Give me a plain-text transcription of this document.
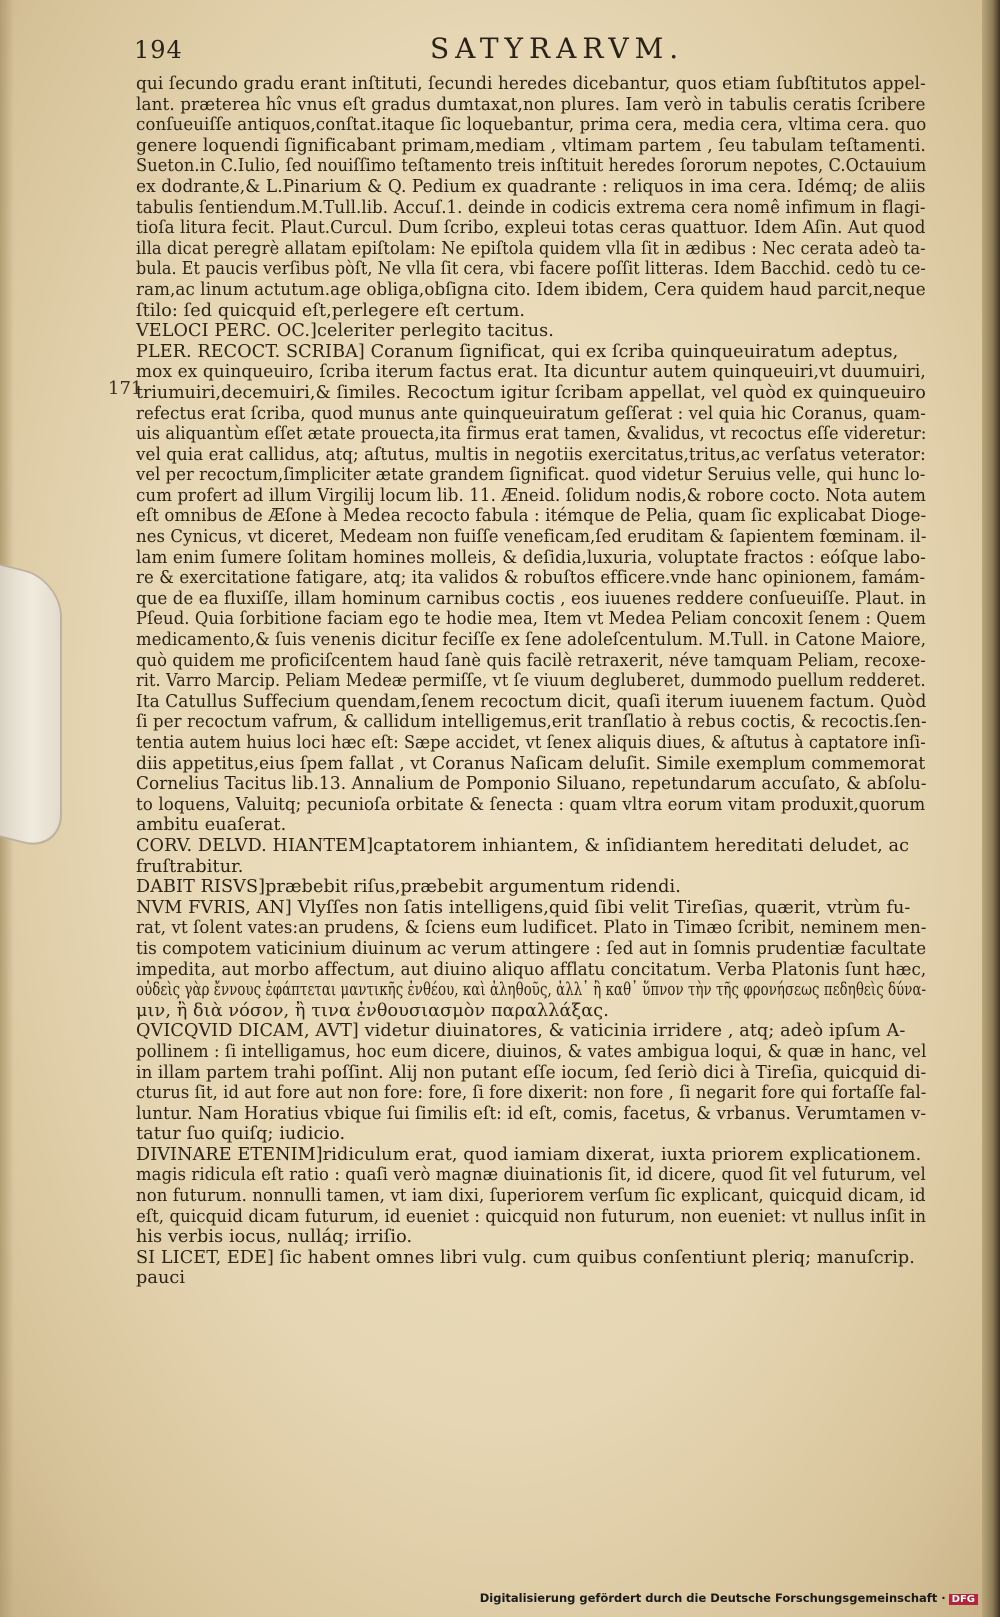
194	SATYRARVM.
171
qui ſecundo gradu erant inſtituti, ſecundi heredes dicebantur, quos etiam ſubſtitutos appel-
lant. præterea hîc vnus eſt gradus dumtaxat,non plures. Iam verò in tabulis ceratis ſcribere
conſueuiſſe antiquos,conſtat.itaque ſic loquebantur, prima cera, media cera, vltima cera. quo
genere loquendi ſignificabant primam,mediam , vltimam partem , ſeu tabulam teſtamenti.
Sueton.in C.Iulio, ſed nouiſſimo teſtamento treis inſtituit heredes ſororum nepotes, C.Octauium
ex dodrante,& L.Pinarium & Q. Pedium ex quadrante : reliquos in ima cera. Idémq; de aliis
tabulis ſentiendum.M.Tull.lib. Accuſ.1. deinde in codicis extrema cera nomê infimum in flagi-
tioſa litura fecit. Plaut.Curcul. Dum ſcribo, expleui totas ceras quattuor. Idem Aſin. Aut quod
illa dicat peregrè allatam epiſtolam: Ne epiſtola quidem vlla ſit in ædibus : Nec cerata adeò ta-
bula. Et paucis verſibus pòſt, Ne vlla ſit cera, vbi facere poſſit litteras. Idem Bacchid. cedò tu ce-
ram,ac linum actutum.age obliga,obſigna cito. Idem ibidem, Cera quidem haud parcit,neque
ſtilo: ſed quicquid eſt,perlegere eſt certum.
VELOCI PERC. OC.]celeriter perlegito tacitus.
PLER. RECOCT. SCRIBA] Coranum ſignificat, qui ex ſcriba quinqueuiratum adeptus,
mox ex quinqueuiro, ſcriba iterum factus erat. Ita dicuntur autem quinqueuiri,vt duumuiri,
triumuiri,decemuiri,& ſimiles. Recoctum igitur ſcribam appellat, vel quòd ex quinqueuiro
refectus erat ſcriba, quod munus ante quinqueuiratum geſſerat : vel quia hic Coranus, quam-
uis aliquantùm eſſet ætate prouecta,ita firmus erat tamen, &validus, vt recoctus eſſe videretur:
vel quia erat callidus, atq; aſtutus, multis in negotiis exercitatus,tritus,ac verſatus veterator:
vel per recoctum,ſimpliciter ætate grandem ſignificat. quod videtur Seruius velle, qui hunc lo-
cum profert ad illum Virgilij locum lib. 11. Æneid. ſolidum nodis,& robore cocto. Nota autem
eſt omnibus de Æſone à Medea recocto fabula : itémque de Pelia, quam ſic explicabat Dioge-
nes Cynicus, vt diceret, Medeam non fuiſſe veneficam,ſed eruditam & ſapientem fœminam. il-
lam enim ſumere ſolitam homines molleis, & deſidia,luxuria, voluptate fractos : eóſque labo-
re & exercitatione fatigare, atq; ita validos & robuſtos efficere.vnde hanc opinionem, famám-
que de ea fluxiſſe, illam hominum carnibus coctis , eos iuuenes reddere conſueuiſſe. Plaut. in
Pſeud. Quia ſorbitione faciam ego te hodie mea, Item vt Medea Peliam concoxit ſenem : Quem
medicamento,& ſuis venenis dicitur feciſſe ex ſene adoleſcentulum. M.Tull. in Catone Maiore,
quò quidem me proficiſcentem haud ſanè quis facilè retraxerit, néve tamquam Peliam, recoxe-
rit. Varro Marcip. Peliam Medeæ permiſſe, vt ſe viuum degluberet, dummodo puellum redderet.
Ita Catullus Suffecium quendam,ſenem recoctum dicit, quaſi iterum iuuenem factum. Quòd
ſi per recoctum vafrum, & callidum intelligemus,erit tranſlatio à rebus coctis, & recoctis.ſen-
tentia autem huius loci hæc eſt: Sæpe accidet, vt ſenex aliquis diues, & aſtutus à captatore inſi-
diis appetitus,eius ſpem fallat , vt Coranus Naſicam deluſit. Simile exemplum commemorat
Cornelius Tacitus lib.13. Annalium de Pomponio Siluano, repetundarum accuſato, & abſolu-
to loquens, Valuitq; pecunioſa orbitate & ſenecta : quam vltra eorum vitam produxit,quorum
ambitu euaſerat.
CORV. DELVD. HIANTEM]captatorem inhiantem, & inſidiantem hereditati deludet, ac
fruſtrabitur.
DABIT RISVS]præbebit riſus,præbebit argumentum ridendi.
NVM FVRIS, AN] Vlyſſes non ſatis intelligens,quid ſibi velit Tireſias, quærit, vtrùm fu-
rat, vt ſolent vates:an prudens, & ſciens eum ludificet. Plato in Timæo ſcribit, neminem men-
tis compotem vaticinium diuinum ac verum attingere : ſed aut in ſomnis prudentiæ facultate
impedita, aut morbo affectum, aut diuino aliquo afflatu concitatum. Verba Platonis ſunt hæc,
οὐδεὶς γὰρ ἔννους ἐφάπτεται μαντικῆς ἐνθέου, καὶ ἀληθοῦς, ἀλλ᾽ ἢ καθ᾽ ὕπνον τὴν τῆς φρονήσεως πεδηθεὶς δύνα-
μιν, ἢ διὰ νόσον, ἢ τινα ἐνθουσιασμὸν παραλλάξας.
QVICQVID DICAM, AVT] videtur diuinatores, & vaticinia irridere , atq; adeò ipſum A-
pollinem : ſi intelligamus, hoc eum dicere, diuinos, & vates ambigua loqui, & quæ in hanc, vel
in illam partem trahi poſſint. Alij non putant eſſe iocum, ſed ſeriò dici à Tireſia, quicquid di-
cturus ſit, id aut fore aut non fore: fore, ſi fore dixerit: non fore , ſi negarit fore qui fortaſſe fal-
luntur. Nam Horatius vbique ſui ſimilis eſt: id eſt, comis, facetus, & vrbanus. Verumtamen v-
tatur ſuo quiſq; iudicio.
DIVINARE ETENIM]ridiculum erat, quod iamiam dixerat, iuxta priorem explicationem.
magis ridicula eſt ratio : quaſi verò magnæ diuinationis ſit, id dicere, quod ſit vel futurum, vel
non futurum. nonnulli tamen, vt iam dixi, ſuperiorem verſum ſic explicant, quicquid dicam, id
eſt, quicquid dicam futurum, id eueniet : quicquid non futurum, non eueniet: vt nullus inſit in
his verbis iocus, nulláq; irriſio.
SI LICET, EDE] ſic habent omnes libri vulg. cum quibus conſentiunt pleriq; manuſcrip.
pauci
Digitalisierung gefördert durch die Deutsche Forschungsgemeinschaft · DFG
